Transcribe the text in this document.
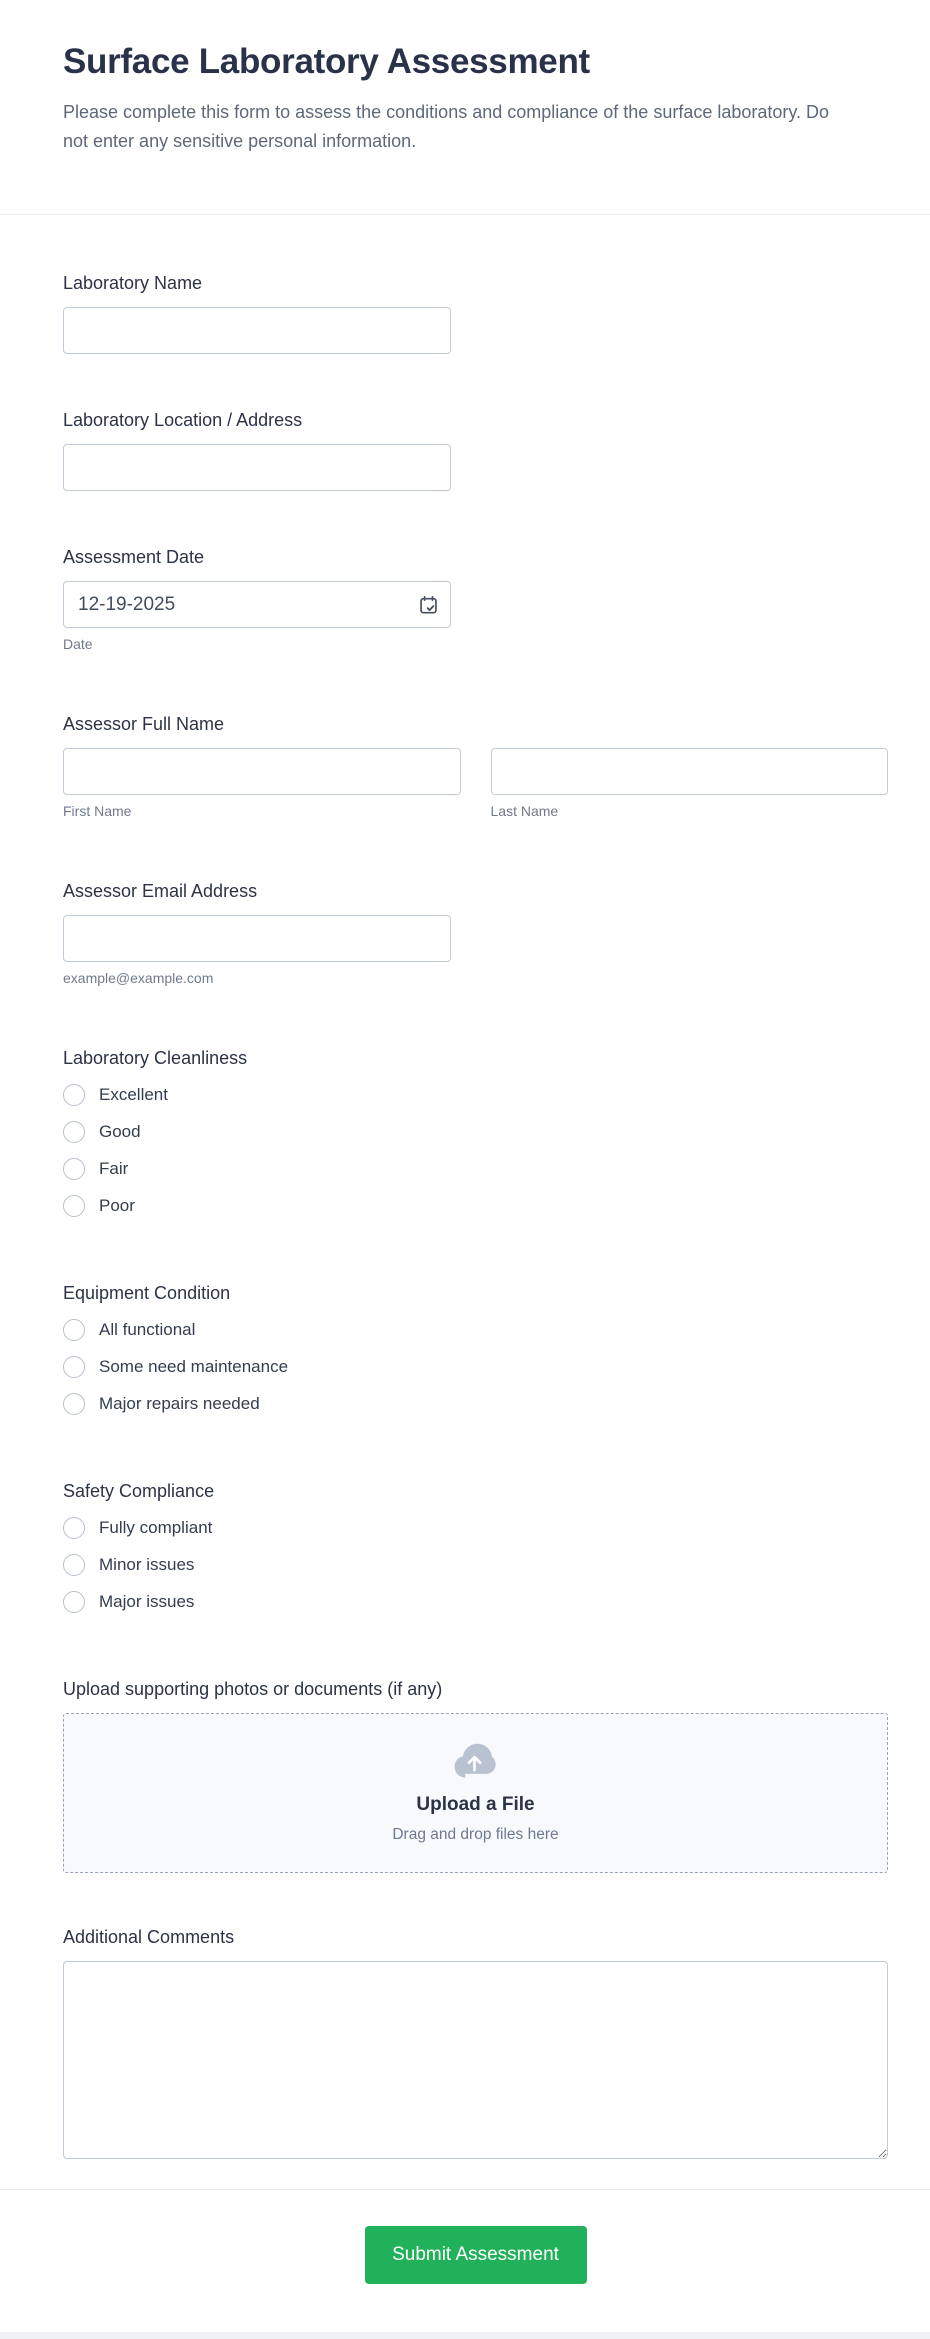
Surface Laboratory Assessment

Please complete this form to assess the conditions and compliance of the surface laboratory. Do not enter any sensitive personal information.

Laboratory Name
Laboratory Location / Address
Assessment Date
12-19-2025
Date
Assessor Full Name
First Name	Last Name
Assessor Email Address
example@example.com
Laboratory Cleanliness
Excellent
Good
Fair
Poor
Equipment Condition
All functional
Some need maintenance
Major repairs needed
Safety Compliance
Fully compliant
Minor issues
Major issues
Upload supporting photos or documents (if any)
Upload a File
Drag and drop files here
Additional Comments
Submit Assessment
